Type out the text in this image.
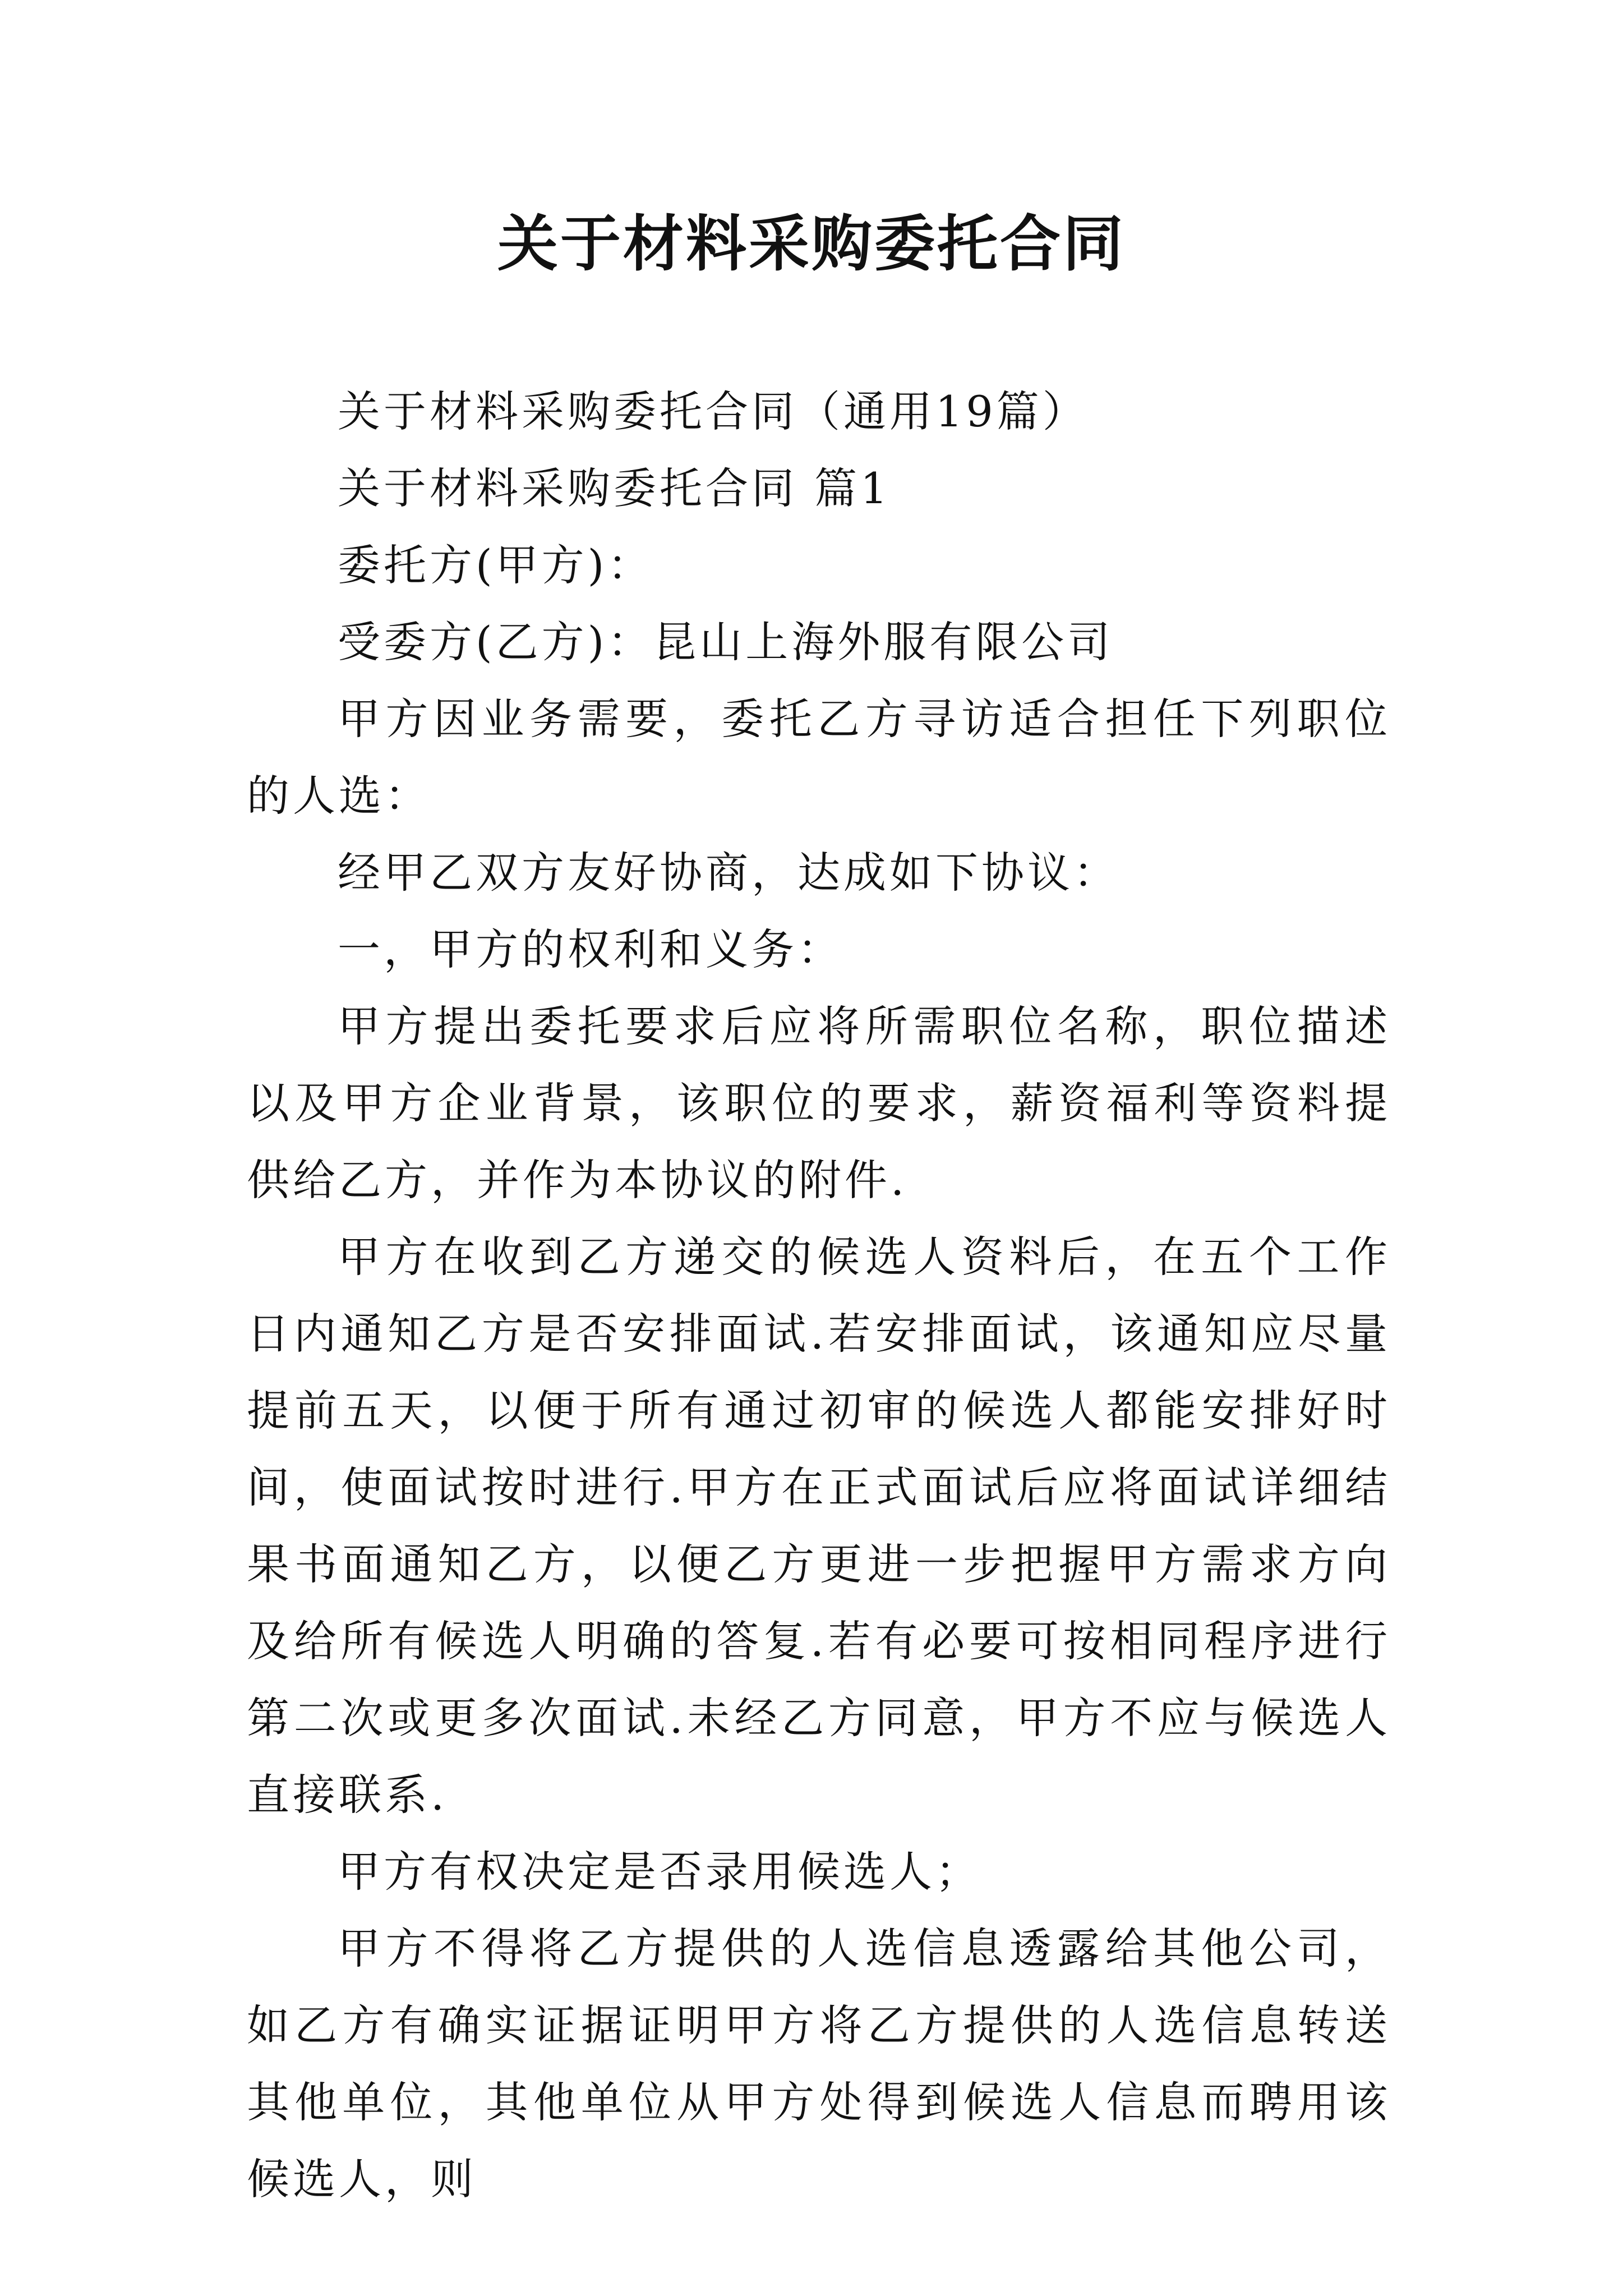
关于材料采购委托合同

关于材料采购委托合同（通用19篇）

关于材料采购委托合同 篇1

委托方(甲方)：

受委方(乙方)：昆山上海外服有限公司

甲方因业务需要，委托乙方寻访适合担任下列职位的人选：

经甲乙双方友好协商，达成如下协议：

一，甲方的权利和义务：

甲方提出委托要求后应将所需职位名称，职位描述以及甲方企业背景，该职位的要求，薪资福利等资料提供给乙方，并作为本协议的附件.

甲方在收到乙方递交的候选人资料后，在五个工作日内通知乙方是否安排面试.若安排面试，该通知应尽量提前五天，以便于所有通过初审的候选人都能安排好时间，使面试按时进行.甲方在正式面试后应将面试详细结果书面通知乙方，以便乙方更进一步把握甲方需求方向及给所有候选人明确的答复.若有必要可按相同程序进行第二次或更多次面试.未经乙方同意，甲方不应与候选人直接联系.

甲方有权决定是否录用候选人；

甲方不得将乙方提供的人选信息透露给其他公司，如乙方有确实证据证明甲方将乙方提供的人选信息转送其他单位，其他单位从甲方处得到候选人信息而聘用该候选人，则
